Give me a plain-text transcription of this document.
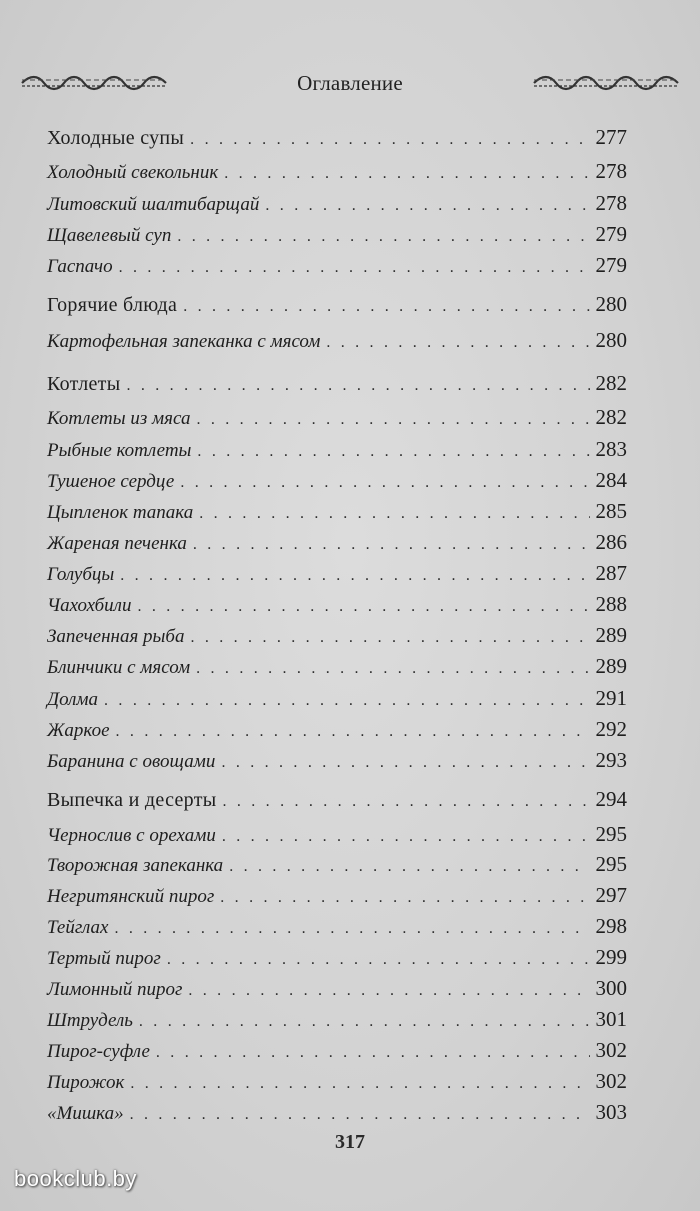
Оглавление
Холодные супы . . .	277
Холодный свекольник . . .	278
Литовский шалтибарщай . . .	278
Щавелевый суп . . .	279
Гаспачо . . .	279
Горячие блюда . . .	280
Картофельная запеканка с мясом . . .	280
Котлеты . . .	282
Котлеты из мяса . . .	282
Рыбные котлеты . . .	283
Тушеное сердце . . .	284
Цыпленок тапака . . .	285
Жареная печенка . . .	286
Голубцы . . .	287
Чахохбили . . .	288
Запеченная рыба . . .	289
Блинчики с мясом . . .	289
Долма . . .	291
Жаркое . . .	292
Баранина с овощами . . .	293
Выпечка и десерты . . .	294
Чернослив с орехами . . .	295
Творожная запеканка . . .	295
Негритянский пирог . . .	297
Тейглах . . .	298
Тертый пирог . . .	299
Лимонный пирог . . .	300
Штрудель . . .	301
Пирог-суфле . . .	302
Пирожок . . .	302
«Мишка» . . .	303
317
bookclub.by
